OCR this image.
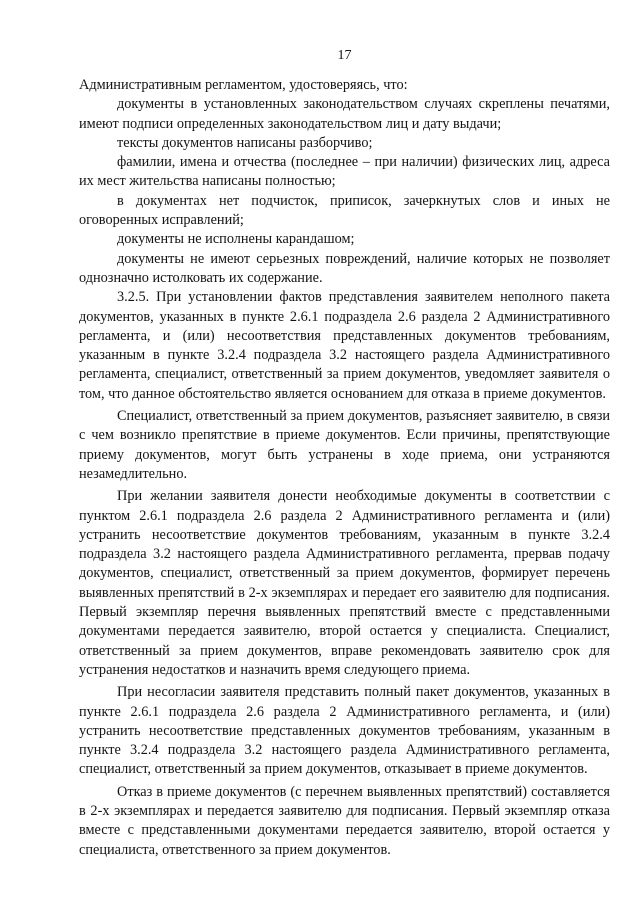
17

Административным регламентом, удостоверяясь, что:

документы в установленных законодательством случаях скреплены печатями, имеют подписи определенных законодательством лиц и дату выдачи;

тексты документов написаны разборчиво;

фамилии, имена и отчества (последнее – при наличии) физических лиц, адреса их мест жительства написаны полностью;

в документах нет подчисток, приписок, зачеркнутых слов и иных не оговоренных исправлений;

документы не исполнены карандашом;

документы не имеют серьезных повреждений, наличие которых не позволяет однозначно истолковать их содержание.

3.2.5. При установлении фактов представления заявителем неполного пакета документов, указанных в пункте 2.6.1 подраздела 2.6 раздела 2 Административного регламента, и (или) несоответствия представленных документов требованиям, указанным в пункте 3.2.4 подраздела 3.2 настоящего раздела Административного регламента, специалист, ответственный за прием документов, уведомляет заявителя о том, что данное обстоятельство является основанием для отказа в приеме документов.

Специалист, ответственный за прием документов, разъясняет заявителю, в связи с чем возникло препятствие в приеме документов. Если причины, препятствующие приему документов, могут быть устранены в ходе приема, они устраняются незамедлительно.

При желании заявителя донести необходимые документы в соответствии с пунктом 2.6.1 подраздела 2.6 раздела 2 Административного регламента и (или) устранить несоответствие документов требованиям, указанным в пункте 3.2.4 подраздела 3.2 настоящего раздела Административного регламента, прервав подачу документов, специалист, ответственный за прием документов, формирует перечень выявленных препятствий в 2-х экземплярах и передает его заявителю для подписания. Первый экземпляр перечня выявленных препятствий вместе с представленными документами передается заявителю, второй остается у специалиста. Специалист, ответственный за прием документов, вправе рекомендовать заявителю срок для устранения недостатков и назначить время следующего приема.

При несогласии заявителя представить полный пакет документов, указанных в пункте 2.6.1 подраздела 2.6 раздела 2 Административного регламента, и (или) устранить несоответствие представленных документов требованиям, указанным в пункте 3.2.4 подраздела 3.2 настоящего раздела Административного регламента, специалист, ответственный за прием документов, отказывает в приеме документов.

Отказ в приеме документов (с перечнем выявленных препятствий) составляется в 2-х экземплярах и передается заявителю для подписания. Первый экземпляр отказа вместе с представленными документами передается заявителю, второй остается у специалиста, ответственного за прием документов.
